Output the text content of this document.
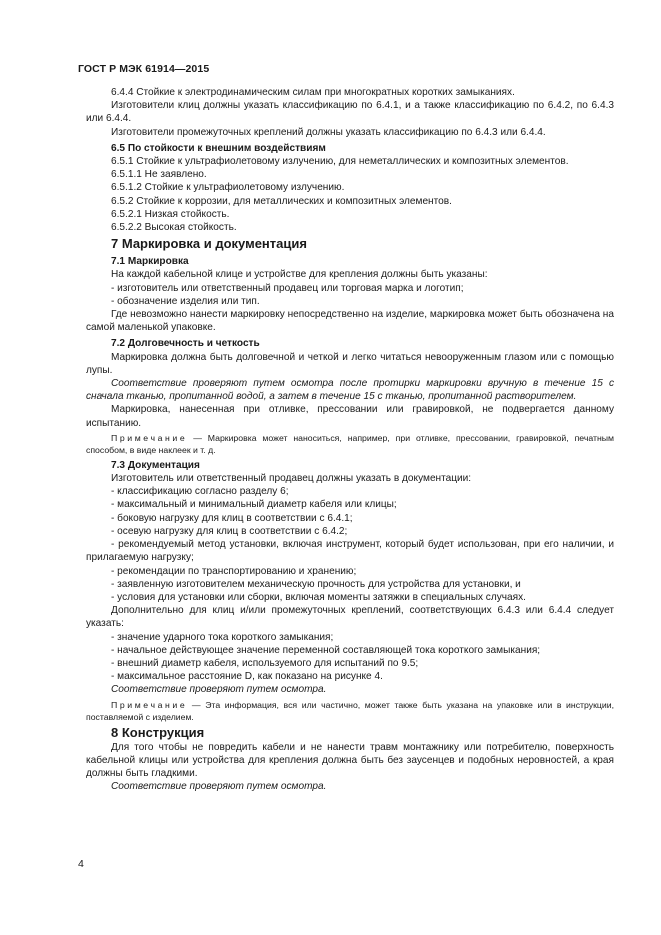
ГОСТ Р МЭК 61914—2015

6.4.4 Стойкие к электродинамическим силам при многократных коротких замыканиях.

Изготовители клиц должны указать классификацию по 6.4.1, и а также классификацию по 6.4.2, по 6.4.3 или 6.4.4.

Изготовители промежуточных креплений должны указать классификацию по 6.4.3 или 6.4.4.

6.5 По стойкости к внешним воздействиям

6.5.1 Стойкие к ультрафиолетовому излучению, для неметаллических и композитных элементов.

6.5.1.1 Не заявлено.

6.5.1.2 Стойкие к ультрафиолетовому излучению.

6.5.2 Стойкие к коррозии, для металлических и композитных элементов.

6.5.2.1 Низкая стойкость.

6.5.2.2 Высокая стойкость.

7 Маркировка и документация

7.1 Маркировка

На каждой кабельной клице и устройстве для крепления должны быть указаны:

- изготовитель или ответственный продавец или торговая марка и логотип;

- обозначение изделия или тип.

Где невозможно нанести маркировку непосредственно на изделие, маркировка может быть обозначена на самой маленькой упаковке.

7.2 Долговечность и четкость

Маркировка должна быть долговечной и четкой и легко читаться невооруженным глазом или с помощью лупы.

Соответствие проверяют путем осмотра после протирки маркировки вручную в течение 15 с сначала тканью, пропитанной водой, а затем в течение 15 с тканью, пропитанной растворителем.

Маркировка, нанесенная при отливке, прессовании или гравировкой, не подвергается данному испытанию.

Примечание — Маркировка может наноситься, например, при отливке, прессовании, гравировкой, печатным способом, в виде наклеек и т. д.

7.3 Документация

Изготовитель или ответственный продавец должны указать в документации:

- классификацию согласно разделу 6;

- максимальный и минимальный диаметр кабеля или клицы;

- боковую нагрузку для клиц в соответствии с 6.4.1;

- осевую нагрузку для клиц в соответствии с 6.4.2;

- рекомендуемый метод установки, включая инструмент, который будет использован, при его наличии, и прилагаемую нагрузку;

- рекомендации по транспортированию и хранению;

- заявленную изготовителем механическую прочность для устройства для установки, и

- условия для установки или сборки, включая моменты затяжки в специальных случаях.

Дополнительно для клиц и/или промежуточных креплений, соответствующих 6.4.3 или 6.4.4 следует указать:

- значение ударного тока короткого замыкания;

- начальное действующее значение переменной составляющей тока короткого замыкания;

- внешний диаметр кабеля, используемого для испытаний по 9.5;

- максимальное расстояние D, как показано на рисунке 4.

Соответствие проверяют путем осмотра.

Примечание — Эта информация, вся или частично, может также быть указана на упаковке или в инструкции, поставляемой с изделием.

8 Конструкция

Для того чтобы не повредить кабели и не нанести травм монтажнику или потребителю, поверхность кабельной клицы или устройства для крепления должна быть без заусенцев и подобных неровностей, а края должны быть гладкими.

Соответствие проверяют путем осмотра.

4
